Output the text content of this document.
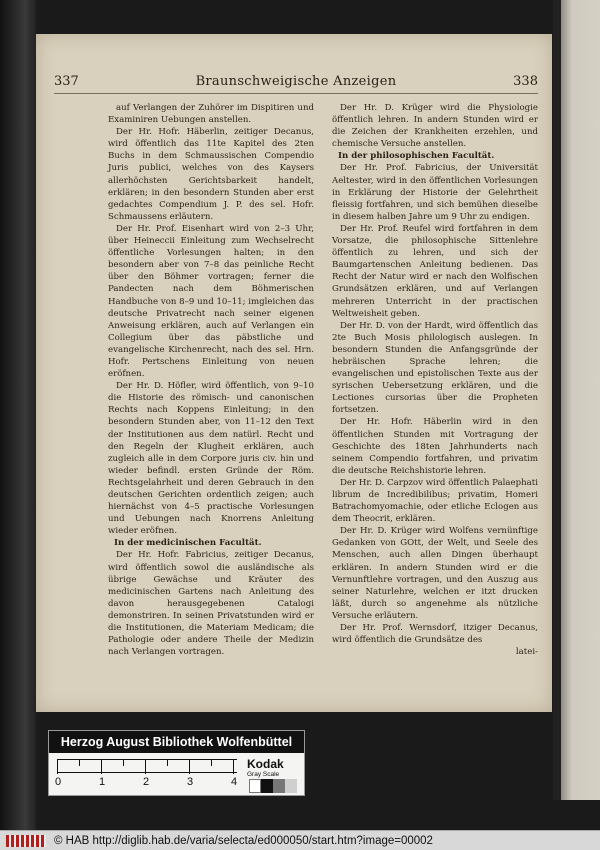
337	Braunschweigische Anzeigen	338

auf Verlangen der Zuhörer im Dispitiren und Examiniren Uebungen anstellen.

Der Hr. Hofr. Häberlin, zeitiger Decanus, wird öffentlich das 11te Kapitel des 2ten Buchs in dem Schmaussischen Compendio Juris publici, welches von des Kaysers allerhöchsten Gerichtsbarkeit handelt, erklären; in den besondern Stunden aber erst gedachtes Compendium J. P. des sel. Hofr. Schmaussens erläutern.

Der Hr. Prof. Eisenhart wird von 2–3 Uhr, über Heineccii Einleitung zum Wechselrecht öffentliche Vorlesungen halten; in den besondern aber von 7–8 das peinliche Recht über den Böhmer vortragen; ferner die Pandecten nach dem Böhmerischen Handbuche von 8–9 und 10–11; imgleichen das deutsche Privatrecht nach seiner eigenen Anweisung erklären, auch auf Verlangen ein Collegium über das päbstliche und evangelische Kirchenrecht, nach des sel. Hrn. Hofr. Pertschens Einleitung von neuen eröfnen.

Der Hr. D. Höfler, wird öffentlich, von 9–10 die Historie des römisch- und canonischen Rechts nach Koppens Einleitung; in den besondern Stunden aber, von 11–12 den Text der Institutionen aus dem natürl. Recht und den Regeln der Klugheit erklären, auch zugleich alle in dem Corpore juris civ. hin und wieder befindl. ersten Gründe der Röm. Rechtsgelahrheit und deren Gebrauch in den deutschen Gerichten ordentlich zeigen; auch hiernächst von 4–5 practische Vorlesungen und Uebungen nach Knorrens Anleitung wieder eröfnen.

In der medicinischen Facultät.

Der Hr. Hofr. Fabricius, zeitiger Decanus, wird öffentlich sowol die ausländische als übrige Gewächse und Kräuter des medicinischen Gartens nach Anleitung des davon herausgegebenen Catalogi demonstriren. In seinen Privatstunden wird er die Institutionen, die Materiam Medicam; die Pathologie oder andere Theile der Medizin nach Verlangen vortragen.

Der Hr. D. Krüger wird die Physiologie öffentlich lehren. In andern Stunden wird er die Zeichen der Krankheiten erzehlen, und chemische Versuche anstellen.

In der philosophischen Facultät.

Der Hr. Prof. Fabricius, der Universität Aeltester, wird in den öffentlichen Vorlesungen in Erklärung der Historie der Gelehrtheit fleissig fortfahren, und sich bemühen dieselbe in diesem halben Jahre um 9 Uhr zu endigen.

Der Hr. Prof. Reufel wird fortfahren in dem Vorsatze, die philosophische Sittenlehre öffentlich zu lehren, und sich der Baumgartenschen Anleitung bedienen. Das Recht der Natur wird er nach den Wolfischen Grundsätzen erklären, und auf Verlangen mehreren Unterricht in der practischen Weltweisheit geben.

Der Hr. D. von der Hardt, wird öffentlich das 2te Buch Mosis philologisch auslegen. In besondern Stunden die Anfangsgründe der hebräischen Sprache lehren; die evangelischen und epistolischen Texte aus der syrischen Uebersetzung erklären, und die Lectiones cursorias über die Propheten fortsetzen.

Der Hr. Hofr. Häberlin wird in den öffentlichen Stunden mit Vortragung der Geschichte des 18ten Jahrhunderts nach seinem Compendio fortfahren, und privatim die deutsche Reichshistorie lehren.

Der Hr. D. Carpzov wird öffentlich Palaephati librum de Incredibilibus; privatim, Homeri Batrachomyomachie, oder etliche Eclogen aus dem Theocrit, erklären.

Der Hr. D. Krüger wird Wolfens vernünftige Gedanken von GOtt, der Welt, und Seele des Menschen, auch allen Dingen überhaupt erklären. In andern Stunden wird er die Vernunftlehre vortragen, und den Auszug aus seiner Naturlehre, welchen er itzt drucken läßt, durch so angenehme als nützliche Versuche erläutern.

Der Hr. Prof. Wernsdorf, itziger Decanus, wird öffentlich die Grundsätze des

latei-

Herzog August Bibliothek Wolfenbüttel
0	1	2	3	4
Kodak
Gray Scale
© HAB http://diglib.hab.de/varia/selecta/ed000050/start.htm?image=00002
